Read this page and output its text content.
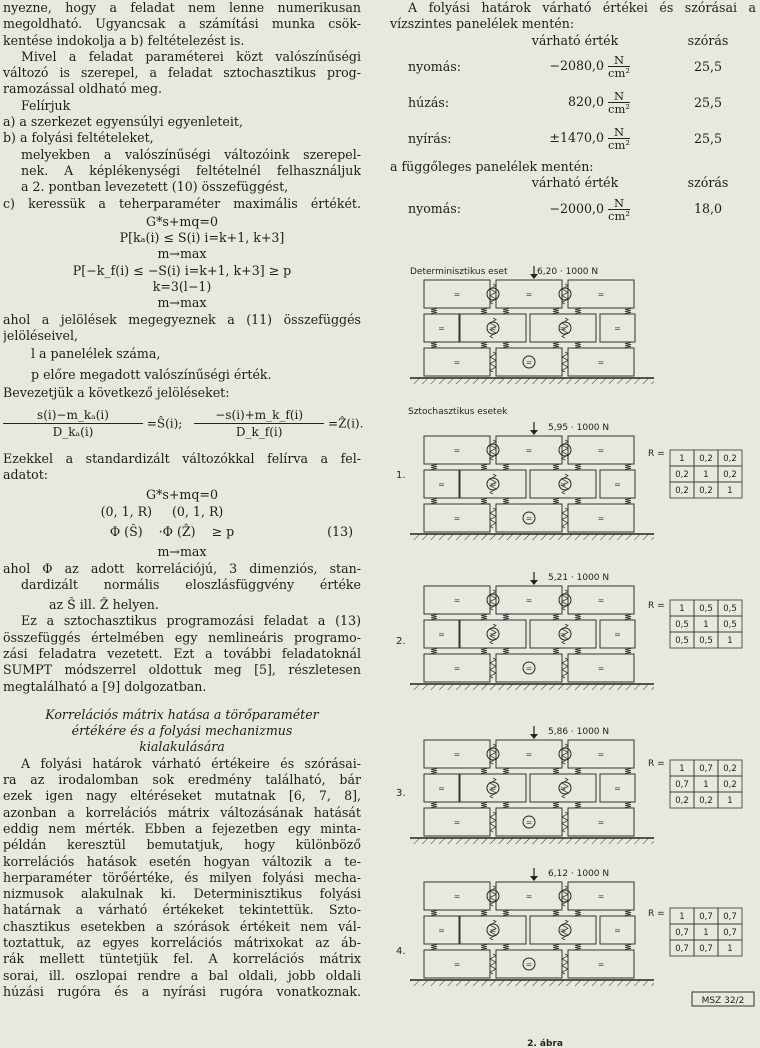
nyezne, hogy a feladat nem lenne numerikusan
megoldható. Ugyancsak a számítási munka csök-
kentése indokolja a b) feltételezést is.
Mivel a feladat paraméterei közt valószínűségi
változó is szerepel, a feladat sztochasztikus prog-
ramozással oldható meg.
Felírjuk
a) a szerkezet egyensúlyi egyenleteit,
b) a folyási feltételeket,
melyekben a valószínűségi változóink szerepel-
nek. A képlékenységi feltételnél felhasználjuk
a 2. pontban levezetett (10) összefüggést,
c) keressük a teherparaméter maximális értékét.
G*s+mq=0
P[kₐ(i) ≤ S(i) i=k+1, k+3]
m→max
P[−k_f(i) ≤ −S(i) i=k+1, k+3] ≥ p
k=3(l−1)
m→max
ahol a jelölések megegyeznek a (11) összefüggés
jelöléseivel,
l a panelélek száma,
p előre megadott valószínűségi érték.
Bevezetjük a következő jelöléseket:
$\frac{\text{s(i)−m\_kₐ(i)}}{\text{D\_kₐ(i)}}$ =Ŝ(i); $\frac{-s(i)+m\_k\_f(i)}{D\_k\_f(i)}$ =Ẑ(i).
Ezekkel a standardizált változókkal felírva a fel-
adatot:
G*s+mq=0
(0, 1, R)     (0, 1, R)
Φ (Ŝ)    ·Φ (Ẑ)    ≥ p	(13)
m→max
ahol Φ az adott korrelációjú, 3 dimenziós, stan-
dardizált normális eloszlásfüggvény értéke
az Ŝ ill. Ẑ helyen.
Ez a sztochasztikus programozási feladat a (13)
összefüggés értelmében egy nemlineáris programo-
zási feladatra vezetett. Ezt a további feladatoknál
SUMPT módszerrel oldottuk meg [5], részletesen
megtalálható a [9] dolgozatban.
Korrelációs mátrix hatása a törőparaméter
értékére és a folyási mechanizmus
kialakulására
A folyási határok várható értékeire és szórásai-
ra az irodalomban sok eredmény található, bár
ezek igen nagy eltéréseket mutatnak [6, 7, 8],
azonban a korrelációs mátrix változásának hatását
eddig nem mérték. Ebben a fejezetben egy minta-
példán keresztül bemutatjuk, hogy különböző
korrelációs hatások esetén hogyan változik a te-
herparaméter törőértéke, és milyen folyási mecha-
nizmusok alakulnak ki. Determinisztikus folyási
határnak a várható értékeket tekintettük. Szto-
chasztikus esetekben a szórások értékeit nem vál-
toztattuk, az egyes korrelációs mátrixokat az áb-
rák mellett tüntetjük fel. A korrelációs mátrix
sorai, ill. oszlopai rendre a bal oldali, jobb oldali
húzási rugóra és a nyírási rugóra vonatkoznak.
A folyási határok várható értékei és szórásai a
vízszintes panelélek mentén:
	várható érték	szórás
nyomás:	$-2080,0 \frac{N}{\text{cm²}}$	25,5
húzás:	$820,0 \frac{N}{\text{cm²}}$	25,5
nyírás:	$\pm 1470,0 \frac{N}{\text{cm²}}$	25,5
a függőleges panelélek mentén:
	várható érték	szórás
nyomás:	$-2000,0 \frac{N}{\text{cm²}}$	18,0
Determinisztikus eset	6,20 · 1000 N
=	=	=
=	=	=	=
=	=	=
Sztochasztikus esetek
1.
5,95 · 1000 N
=	=	=
=	=	=	=
=	=	=
R = 1 0,2 0,2
0,2 1 0,2
0,2 0,2 1
2.
5,21 · 1000 N
=	=	=
=	=	=	=
=	=	=
R = 1 0,5 0,5
0,5 1 0,5
0,5 0,5 1
3.
5,86 · 1000 N
=	=	=
=	=	=	=
=	=	=
R = 1 0,7 0,2
0,7 1 0,2
0,2 0,2 1
4.
6,12 · 1000 N
=	=	=
=	=	=	=
=	=	=
R = 1 0,7 0,7
0,7 1 0,7
0,7 0,7 1
MSZ 32/2
2. ábra
